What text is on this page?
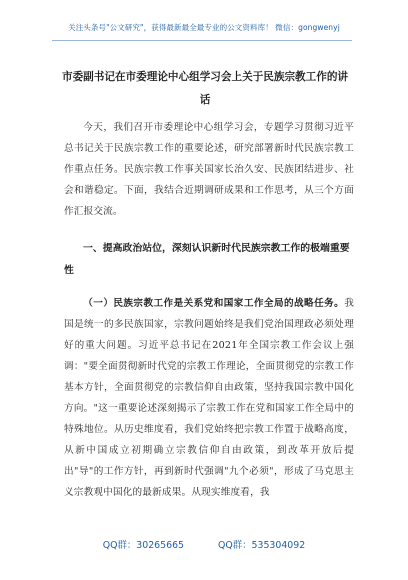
关注头条号"公文研究"，获得最新最全最专业的公文资料库！ 微信：gongwenyj
市委副书记在市委理论中心组学习会上关于民族宗教工作的讲话
今天，我们召开市委理论中心组学习会，专题学习贯彻习近平总书记关于民族宗教工作的重要论述，研究部署新时代民族宗教工作重点任务。民族宗教工作事关国家长治久安、民族团结进步、社会和谐稳定。下面，我结合近期调研成果和工作思考，从三个方面作汇报交流。
一、提高政治站位，深刻认识新时代民族宗教工作的极端重要性
（一）民族宗教工作是关系党和国家工作全局的战略任务。我国是统一的多民族国家，宗教问题始终是我们党治国理政必须处理好的重大问题。习近平总书记在2021年全国宗教工作会议上强调："要全面贯彻新时代党的宗教工作理论，全面贯彻党的宗教工作基本方针，全面贯彻党的宗教信仰自由政策，坚持我国宗教中国化方向。"这一重要论述深刻揭示了宗教工作在党和国家工作全局中的特殊地位。从历史维度看，我们党始终把宗教工作置于战略高度，从新中国成立初期确立宗教信仰自由政策，到改革开放后提出"导"的工作方针，再到新时代强调"九个必须"，形成了马克思主义宗教观中国化的最新成果。从现实维度看，我
QQ群：30265665	QQ群：535304092
